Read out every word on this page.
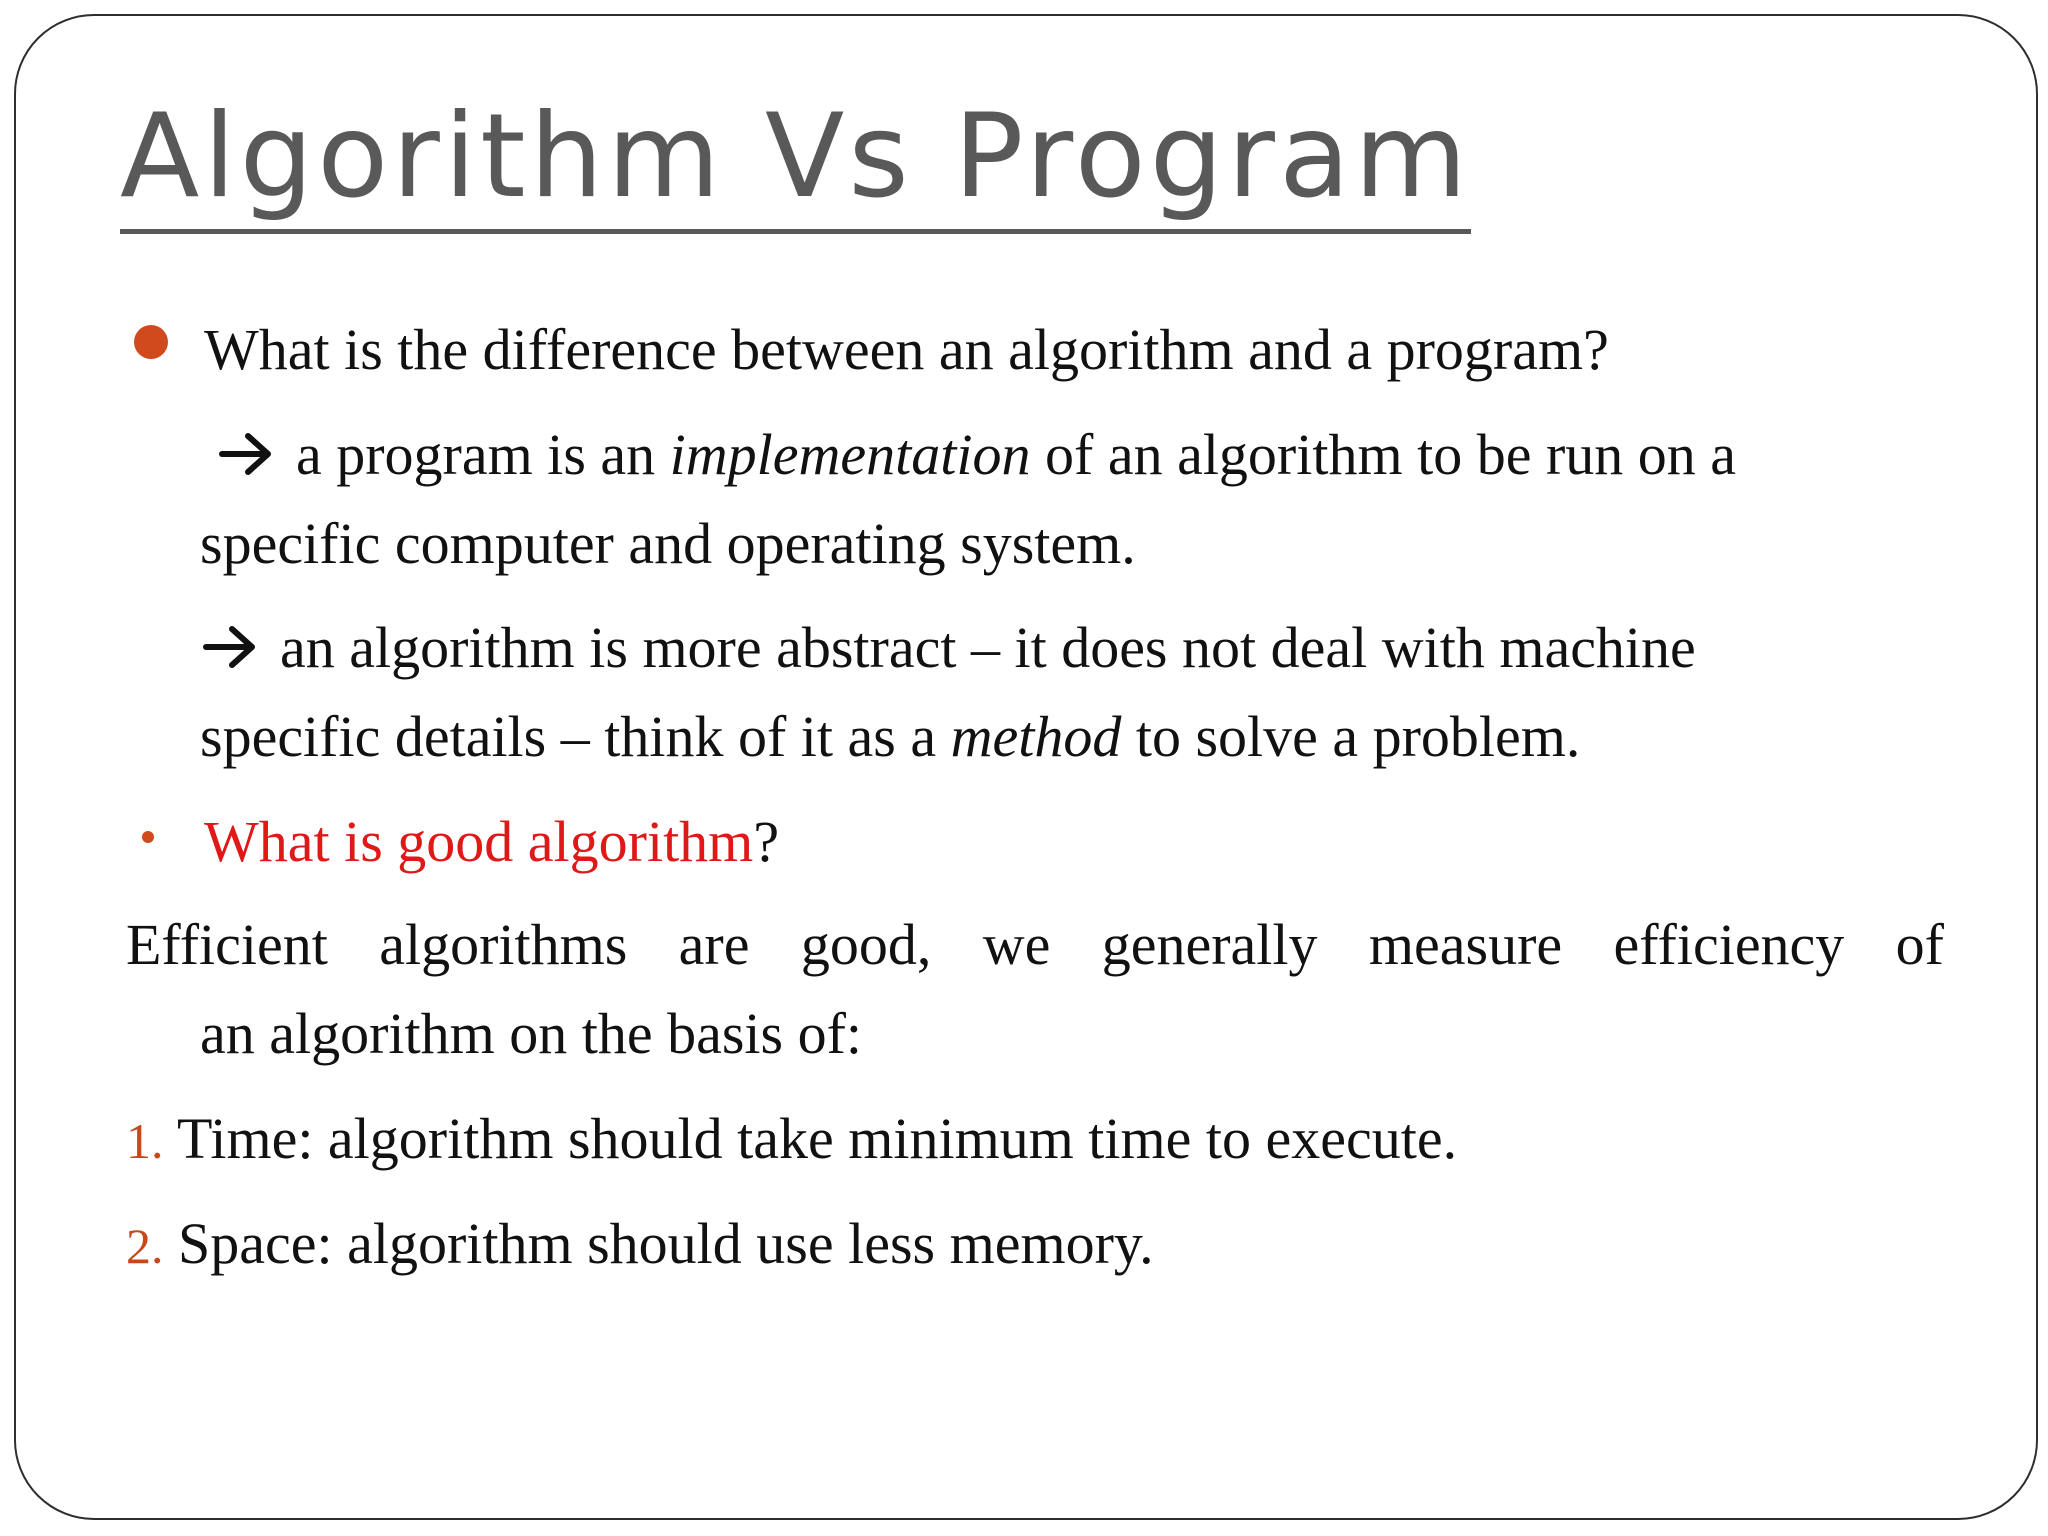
Algorithm Vs Program
What is the difference between an algorithm and a program?
a program is an implementation of an algorithm to be run on a
specific computer and operating system.
an algorithm is more abstract – it does not deal with machine
specific details – think of it as a method to solve a problem.
What is good algorithm?
Efficient algorithms are good, we generally measure efficiency of
an algorithm on the basis of:
1. Time: algorithm should take minimum time to execute.
2. Space: algorithm should use less memory.
